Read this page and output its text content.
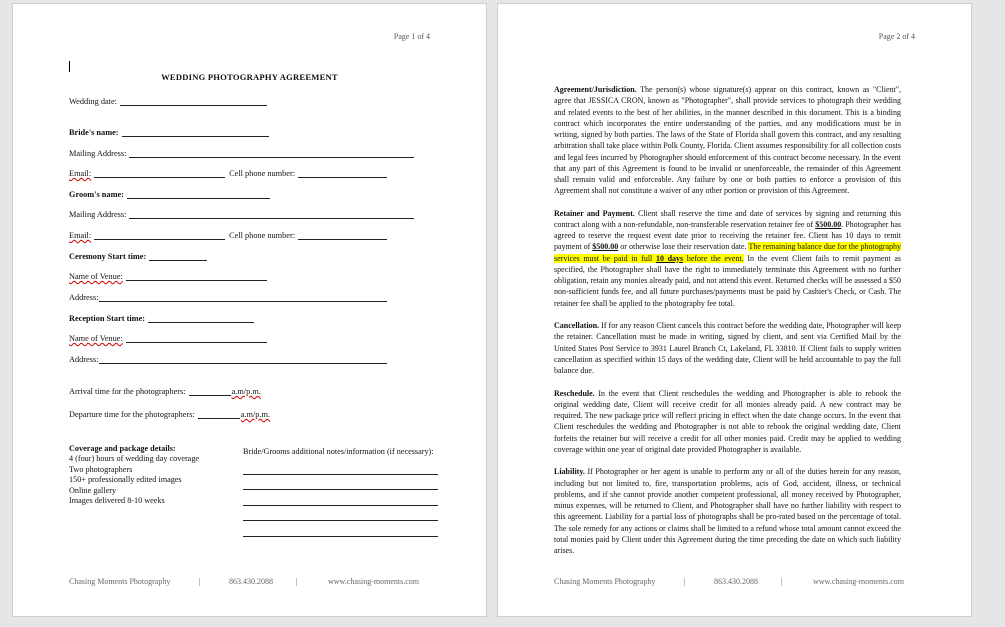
Page 1 of 4
WEDDING PHOTOGRAPHY AGREEMENT
Wedding date:
Bride's name:
Mailing Address:
Email:	Cell phone number:
Groom's name:
Mailing Address:
Email:	Cell phone number:
Ceremony Start time:
Name of Venue:
Address:
Reception Start time:
Name of Venue:
Address:
Arrival time for the photographers:	a.m/p.m.
Departure time for the photographers:	a.m/p.m.
Coverage and package details:
4 (four) hours of wedding day coverage
Two photographers
150+ professionally edited images
Online gallery
Images delivered 8-10 weeks
Bride/Grooms additional notes/information (if necessary):
Chasing Moments Photography	|	863.430.2088	|	www.chasing-moments.com
Page 2 of 4

Agreement/Jurisdiction. The person(s) whose signature(s) appear on this contract, known as "Client", agree that JESSICA CRON, known as "Photographer", shall provide services to photograph their wedding and related events to the best of her abilities, in the manner described in this document. This is a binding contract which incorporates the entire understanding of the parties, and any modifications must be in writing, signed by both parties. The laws of the State of Florida shall govern this contract, and any resulting arbitration shall take place within Polk County, Florida. Client assumes responsibility for all collection costs and legal fees incurred by Photographer should enforcement of this contract become necessary. In the event that any part of this Agreement is found to be invalid or unenforceable, the remainder of this Agreement shall remain valid and enforceable. Any failure by one or both parties to enforce a provision of this Agreement shall not constitute a waiver of any other portion or provision of this Agreement.

Retainer and Payment. Client shall reserve the time and date of services by signing and returning this contract along with a non-refundable, non-transferable reservation retainer fee of $500.00. Photographer has agreed to reserve the request event date prior to receiving the retainer fee. Client has 10 days to remit payment of $500.00 or otherwise lose their reservation date. The remaining balance due for the photography services must be paid in full 10 days before the event. In the event Client fails to remit payment as specified, the Photographer shall have the right to immediately terminate this Agreement with no further obligation, retain any monies already paid, and not attend this event. Returned checks will be assessed a $50 non-sufficient funds fee, and all future purchases/payments must be paid by Cashier's Check, or Cash. The retainer fee shall be applied to the photography fee total.

Cancellation. If for any reason Client cancels this contract before the wedding date, Photographer will keep the retainer. Cancellation must be made in writing, signed by client, and sent via Certified Mail by the United States Post Service to 3931 Laurel Branch Ct, Lakeland, FL 33810. If Client fails to supply written cancellation as specified within 15 days of the wedding date, Client will be held accountable to pay the full balance due.

Reschedule. In the event that Client reschedules the wedding and Photographer is able to rebook the original wedding date, Client will receive credit for all monies already paid. A new contract may be required. The new package price will reflect pricing in effect when the date change occurs. In the event that Client reschedules the wedding and Photographer is not able to rebook the original wedding date, Client forfeits the retainer but will receive a credit for all other monies paid. Credit may be applied to wedding coverage within one year of original date provided Photographer is available.

Liability. If Photographer or her agent is unable to perform any or all of the duties herein for any reason, including but not limited to, fire, transportation problems, acts of God, accident, illness, or technical problems, and if she cannot provide another competent professional, all money received by Photographer, minus expenses, will be returned to Client, and Photographer shall have no further liability with respect to this agreement. Liability for a partial loss of photographs shall be pro-rated based on the percentage of total. The sole remedy for any actions or claims shall be limited to a refund whose total amount cannot exceed the total monies paid by Client under this Agreement during the time preceding the date on which such liability arises.

Chasing Moments Photography	|	863.430.2088	|	www.chasing-moments.com
